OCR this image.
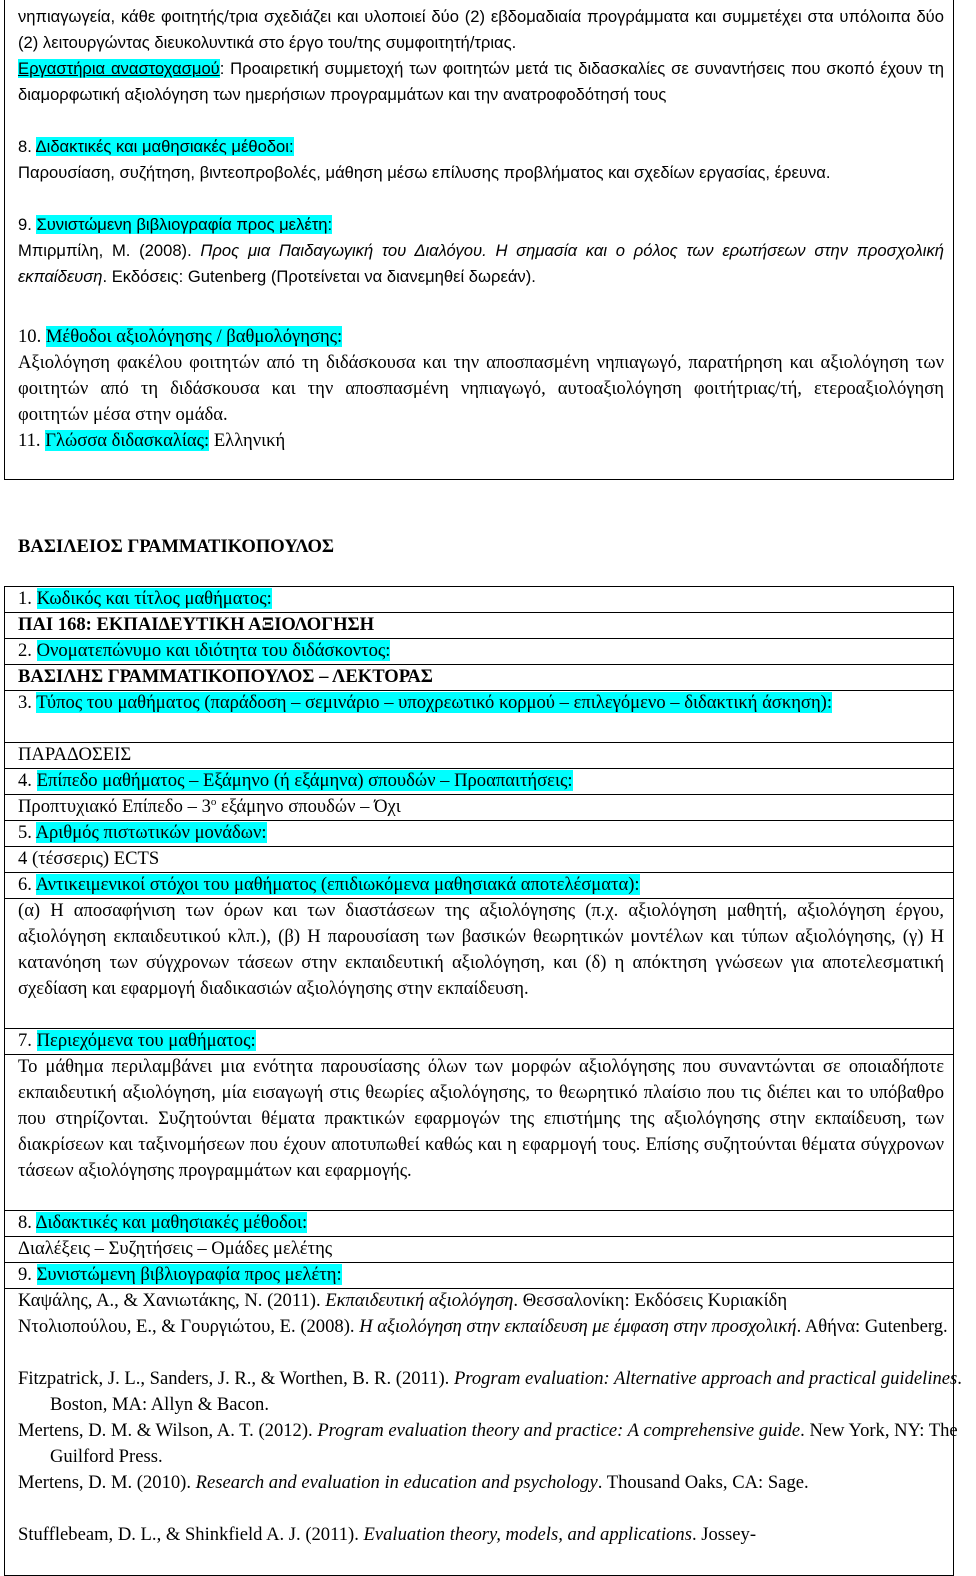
νηπιαγωγεία, κάθε φοιτητής/τρια σχεδιάζει και υλοποιεί δύο (2) εβδομαδιαία προγράμματα και συμμετέχει στα υπόλοιπα δύο (2) λειτουργώντας διευκολυντικά στο έργο του/της συμφοιτητή/τριας.

Εργαστήρια αναστοχασμού: Προαιρετική συμμετοχή των φοιτητών μετά τις διδασκαλίες σε συναντήσεις που σκοπό έχουν τη διαμορφωτική αξιολόγηση των ημερήσιων προγραμμάτων και την ανατροφοδότησή τους

8. Διδακτικές και μαθησιακές μέθοδοι:

Παρουσίαση, συζήτηση, βιντεοπροβολές, μάθηση μέσω επίλυσης προβλήματος και σχεδίων εργασίας, έρευνα.

9. Συνιστώμενη βιβλιογραφία προς μελέτη:

Μπιρμπίλη, Μ. (2008). Προς μια Παιδαγωγική του Διαλόγου. Η σημασία και ο ρόλος των ερωτήσεων στην προσχολική εκπαίδευση. Εκδόσεις: Gutenberg (Προτείνεται να διανεμηθεί δωρεάν).

10. Μέθοδοι αξιολόγησης / βαθμολόγησης:

Αξιολόγηση φακέλου φοιτητών από τη διδάσκουσα και την αποσπασμένη νηπιαγωγό, παρατήρηση και αξιολόγηση των φοιτητών από τη διδάσκουσα και την αποσπασμένη νηπιαγωγό, αυτοαξιολόγηση φοιτήτριας/τή, ετεροαξιολόγηση φοιτητών μέσα στην ομάδα.

11. Γλώσσα διδασκαλίας: Ελληνική

ΒΑΣΙΛΕΙΟΣ ΓΡΑΜΜΑΤΙΚΟΠΟΥΛΟΣ

1. Κωδικός και τίτλος μαθήματος:

ΠΑΙ 168: ΕΚΠΑΙΔΕΥΤΙΚΗ ΑΞΙΟΛΟΓΗΣΗ

2. Ονοματεπώνυμο και ιδιότητα του διδάσκοντος:

ΒΑΣΙΛΗΣ ΓΡΑΜΜΑΤΙΚΟΠΟΥΛΟΣ – ΛΕΚΤΟΡΑΣ

3. Τύπος του μαθήματος (παράδοση – σεμινάριο – υποχρεωτικό κορμού – επιλεγόμενο – διδακτική άσκηση):

ΠΑΡΑΔΟΣΕΙΣ

4. Επίπεδο μαθήματος – Εξάμηνο (ή εξάμηνα) σπουδών – Προαπαιτήσεις:

Προπτυχιακό Επίπεδο – $3^o$ εξάμηνο σπουδών – Όχι

5. Αριθμός πιστωτικών μονάδων:

4 (τέσσερις) ECTS

6. Αντικειμενικοί στόχοι του μαθήματος (επιδιωκόμενα μαθησιακά αποτελέσματα):

(α) Η αποσαφήνιση των όρων και των διαστάσεων της αξιολόγησης (π.χ. αξιολόγηση μαθητή, αξιολόγηση έργου, αξιολόγηση εκπαιδευτικού κλπ.), (β) Η παρουσίαση των βασικών θεωρητικών μοντέλων και τύπων αξιολόγησης, (γ) Η κατανόηση των σύγχρονων τάσεων στην εκπαιδευτική αξιολόγηση, και (δ) η απόκτηση γνώσεων για αποτελεσματική σχεδίαση και εφαρμογή διαδικασιών αξιολόγησης στην εκπαίδευση.

7. Περιεχόμενα του μαθήματος:

Το μάθημα περιλαμβάνει μια ενότητα παρουσίασης όλων των μορφών αξιολόγησης που συναντώνται σε οποιαδήποτε εκπαιδευτική αξιολόγηση, μία εισαγωγή στις θεωρίες αξιολόγησης, το θεωρητικό πλαίσιο που τις διέπει και το υπόβαθρο που στηρίζονται. Συζητούνται θέματα πρακτικών εφαρμογών της επιστήμης της αξιολόγησης στην εκπαίδευση, των διακρίσεων και ταξινομήσεων που έχουν αποτυπωθεί καθώς και η εφαρμογή τους. Επίσης συζητούνται θέματα σύγχρονων τάσεων αξιολόγησης προγραμμάτων και εφαρμογής.

8. Διδακτικές και μαθησιακές μέθοδοι:

Διαλέξεις – Συζητήσεις – Ομάδες μελέτης

9. Συνιστώμενη βιβλιογραφία προς μελέτη:

Καψάλης, Α., & Χανιωτάκης, Ν. (2011). Εκπαιδευτική αξιολόγηση. Θεσσαλονίκη: Εκδόσεις Κυριακίδη

Ντολιοπούλου, Ε., & Γουργιώτου, Ε. (2008). Η αξιολόγηση στην εκπαίδευση με έμφαση στην προσχολική. Αθήνα: Gutenberg.

Fitzpatrick, J. L., Sanders, J. R., & Worthen, B. R. (2011). Program evaluation: Alternative approach and practical guidelines. Boston, MA: Allyn & Bacon.

Mertens, D. M. & Wilson, A. T. (2012). Program evaluation theory and practice: A comprehensive guide. New York, NY: The Guilford Press.

Mertens, D. M. (2010). Research and evaluation in education and psychology. Thousand Oaks, CA: Sage.

Stufflebeam, D. L., & Shinkfield A. J. (2011). Evaluation theory, models, and applications. Jossey-
